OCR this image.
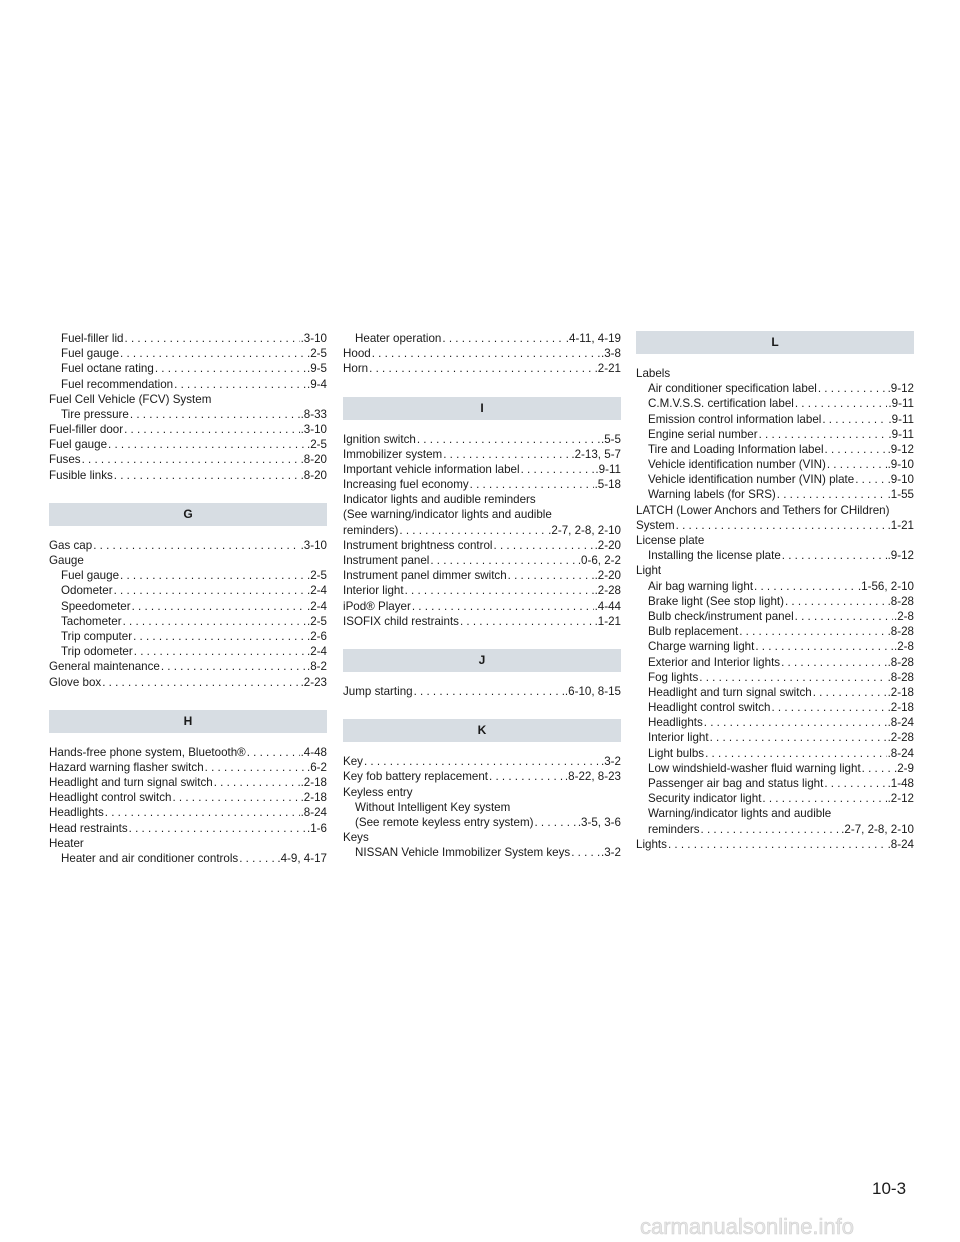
Fuel-filler lid . . .	.3-10
Fuel gauge . . .	.2-5
Fuel octane rating . . .	.9-5
Fuel recommendation . . .	.9-4
Fuel Cell Vehicle (FCV) System
Tire pressure . . .	.8-33
Fuel-filler door . . .	.3-10
Fuel gauge . . .	.2-5
Fuses . . .	.8-20
Fusible links . . .	.8-20
G
Gas cap . . .	.3-10
Gauge
Fuel gauge . . .	.2-5
Odometer . . .	.2-4
Speedometer . . .	.2-4
Tachometer . . .	.2-5
Trip computer . . .	.2-6
Trip odometer . . .	.2-4
General maintenance . . .	.8-2
Glove box . . .	.2-23
H
Hands-free phone system, Bluetooth® . . .	.4-48
Hazard warning flasher switch . . .	.6-2
Headlight and turn signal switch . . .	.2-18
Headlight control switch . . .	.2-18
Headlights . . .	.8-24
Head restraints . . .	.1-6
Heater
Heater and air conditioner controls . . .	.4-9, 4-17
Heater operation . . .	.4-11, 4-19
Hood . . .	.3-8
Horn . . .	.2-21
I
Ignition switch . . .	.5-5
Immobilizer system . . .	.2-13, 5-7
Important vehicle information label . . .	.9-11
Increasing fuel economy . . .	.5-18
Indicator lights and audible reminders
(See warning/indicator lights and audible
reminders) . . .	.2-7, 2-8, 2-10
Instrument brightness control . . .	.2-20
Instrument panel . . .	.0-6, 2-2
Instrument panel dimmer switch . . .	.2-20
Interior light . . .	.2-28
iPod® Player . . .	.4-44
ISOFIX child restraints . . .	.1-21
J
Jump starting . . .	.6-10, 8-15
K
Key . . .	.3-2
Key fob battery replacement . . .	.8-22, 8-23
Keyless entry
Without Intelligent Key system
(See remote keyless entry system) . . .	.3-5, 3-6
Keys
NISSAN Vehicle Immobilizer System keys . . .	.3-2
L
Labels
Air conditioner specification label . . .	.9-12
C.M.V.S.S. certification label . . .	.9-11
Emission control information label . . .	.9-11
Engine serial number . . .	.9-11
Tire and Loading Information label . . .	.9-12
Vehicle identification number (VIN) . . .	.9-10
Vehicle identification number (VIN) plate . . .	.9-10
Warning labels (for SRS) . . .	.1-55
LATCH (Lower Anchors and Tethers for CHildren)
System . . .	.1-21
License plate
Installing the license plate . . .	.9-12
Light
Air bag warning light . . .	.1-56, 2-10
Brake light (See stop light) . . .	.8-28
Bulb check/instrument panel . . .	.2-8
Bulb replacement . . .	.8-28
Charge warning light . . .	.2-8
Exterior and Interior lights . . .	.8-28
Fog lights . . .	.8-28
Headlight and turn signal switch . . .	.2-18
Headlight control switch . . .	.2-18
Headlights . . .	.8-24
Interior light . . .	.2-28
Light bulbs . . .	.8-24
Low windshield-washer fluid warning light . . .	.2-9
Passenger air bag and status light . . .	.1-48
Security indicator light . . .	.2-12
Warning/indicator lights and audible
reminders . . .	.2-7, 2-8, 2-10
Lights . . .	.8-24
10-3
carmanualsonline.info
